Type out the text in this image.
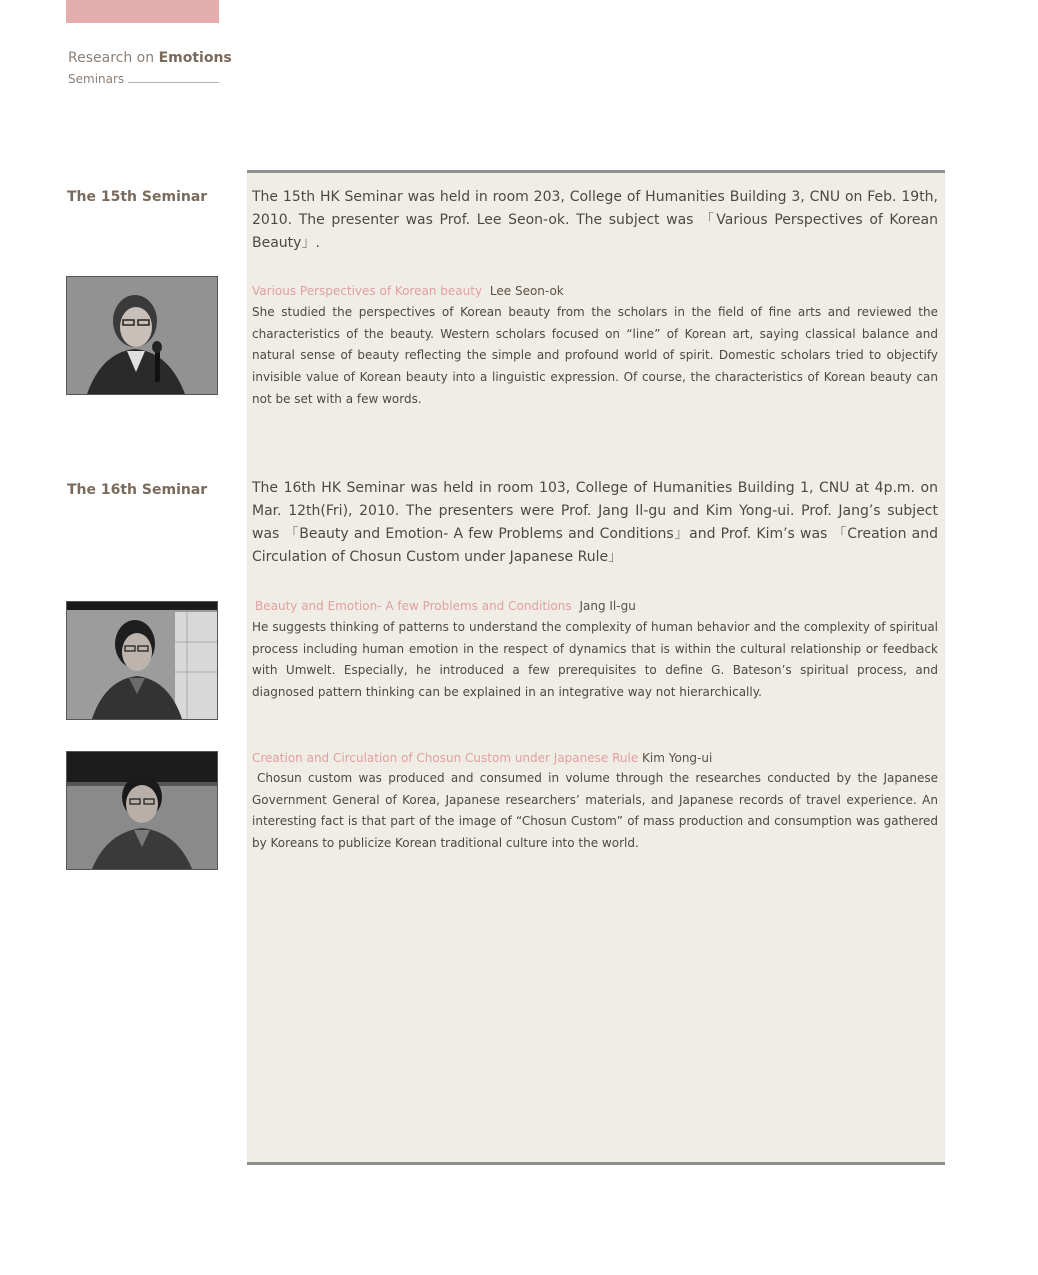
Research on Emotions
Seminars
The 15th Seminar	The 15th HK Seminar was held in room 203, College of Humanities Building 3, CNU on Feb. 19th, 2010. The presenter was Prof. Lee Seon-ok. The subject was 「Various Perspectives of Korean Beauty」.
Various Perspectives of Korean beauty Lee Seon-ok
She studied the perspectives of Korean beauty from the scholars in the field of fine arts and reviewed the characteristics of the beauty. Western scholars focused on “line” of Korean art, saying classical balance and natural sense of beauty reflecting the simple and profound world of spirit. Domestic scholars tried to objectify invisible value of Korean beauty into a linguistic expression. Of course, the characteristics of Korean beauty can not be set with a few words.
The 16th Seminar	The 16th HK Seminar was held in room 103, College of Humanities Building 1, CNU at 4p.m. on Mar. 12th(Fri), 2010. The presenters were Prof. Jang Il-gu and Kim Yong-ui. Prof. Jang’s subject was 「Beauty and Emotion- A few Problems and Conditions」and Prof. Kim’s was 「Creation and Circulation of Chosun Custom under Japanese Rule」
Beauty and Emotion- A few Problems and Conditions Jang Il-gu
He suggests thinking of patterns to understand the complexity of human behavior and the complexity of spiritual process including human emotion in the respect of dynamics that is within the cultural relationship or feedback with Umwelt. Especially, he introduced a few prerequisites to define G. Bateson’s spiritual process, and diagnosed pattern thinking can be explained in an integrative way not hierarchically.
Creation and Circulation of Chosun Custom under Japanese Rule Kim Yong-ui
Chosun custom was produced and consumed in volume through the researches conducted by the Japanese Government General of Korea, Japanese researchers’ materials, and Japanese records of travel experience. An interesting fact is that part of the image of “Chosun Custom” of mass production and consumption was gathered by Koreans to publicize Korean traditional culture into the world.
